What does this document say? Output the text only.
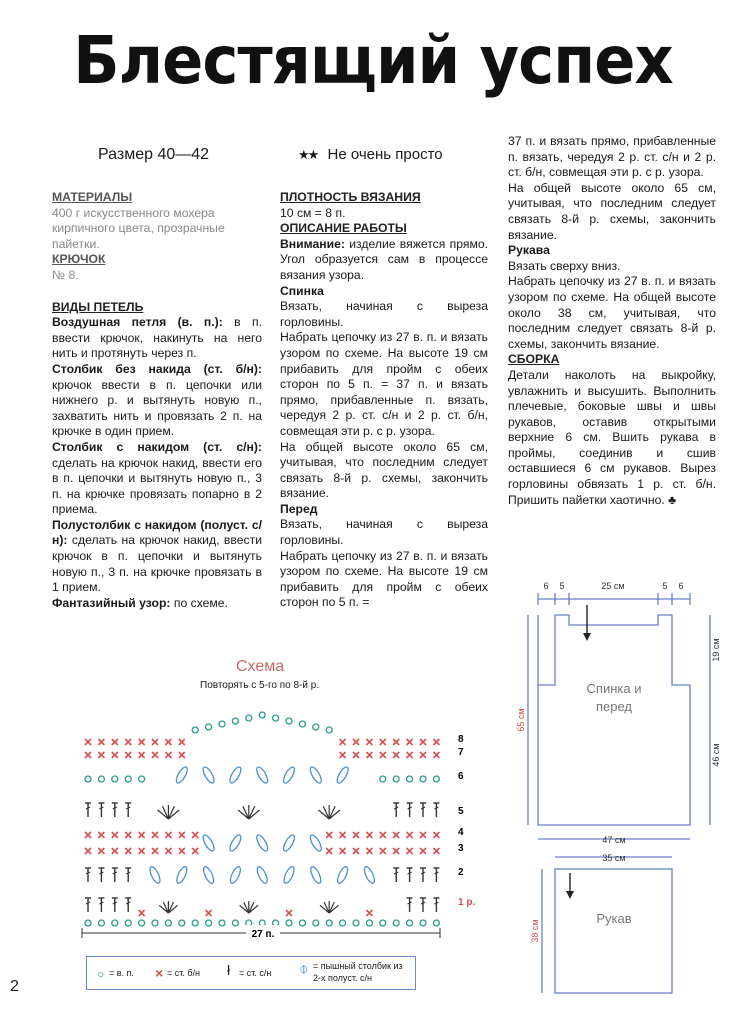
Блестящий успех
Размер 40—42	★★ Не очень просто

МАТЕРИАЛЫ

400 г искусственного мохера кирпичного цвета, прозрачные пайетки.

КРЮЧОК

№ 8.

ВИДЫ ПЕТЕЛЬ

Воздушная петля (в. п.): в п. ввести крючок, накинуть на него нить и протянуть через п.

Столбик без накида (ст. б/н): крючок ввести в п. цепочки или нижнего р. и вытянуть новую п., захватить нить и провязать 2 п. на крючке в один прием.

Столбик с накидом (ст. с/н): сделать на крючок накид, ввести его в п. цепочки и вытянуть новую п., 3 п. на крючке провязать попарно в 2 приема.

Полустолбик с накидом (полуст. с/н): сделать на крючок накид, ввести крючок в п. цепочки и вытянуть новую п., 3 п. на крючке провязать в 1 прием.

Фантазийный узор: по схеме.

ПЛОТНОСТЬ ВЯЗАНИЯ

10 см = 8 п.

ОПИСАНИЕ РАБОТЫ

Внимание: изделие вяжется прямо. Угол образуется сам в процессе вязания узора.

Спинка

Вязать, начиная с выреза горловины.

Набрать цепочку из 27 в. п. и вязать узором по схеме. На высоте 19 см прибавить для пройм с обеих сторон по 5 п. = 37 п. и вязать прямо, прибавленные п. вязать, чередуя 2 р. ст. с/н и 2 р. ст. б/н, совмещая эти р. с р. узора.

На общей высоте около 65 см, учитывая, что последним следует связать 8-й р. схемы, закончить вязание.

Перед

Вязать, начиная с выреза горловины.

Набрать цепочку из 27 в. п. и вязать узором по схеме. На высоте 19 см прибавить для пройм с обеих сторон по 5 п. =

37 п. и вязать прямо, прибавленные п. вязать, чередуя 2 р. ст. с/н и 2 р. ст. б/н, совмещая эти р. с р. узора.

На общей высоте около 65 см, учитывая, что последним следует связать 8-й р. схемы, закончить вязание.

Рукава

Вязать сверху вниз.

Набрать цепочку из 27 в. п. и вязать узором по схеме. На общей высоте около 38 см, учитывая, что последним следует связать 8-й р. схемы, закончить вязание.

СБОРКА

Детали наколоть на выкройку, увлажнить и высушить. Выполнить плечевые, боковые швы и швы рукавов, оставив открытыми верхние 6 см. Вшить рукава в проймы, соединив и сшив оставшиеся 6 см рукавов. Вырез горловины обвязать 1 р. ст. б/н. Пришить пайетки хаотично. ♣

Схема
Повторять с 5-го по 8-й р.
8
7
6
5
4
3
2
1 р.
27 п.
○ = в. п. × = ст. б/н ł = ст. с/н ⌽ = пышный столбик из 2-х полуст. с/н
6 5	25 см	5 6
65 см
19 см
46 см
47 см
35 см
38 см
Спинка и
перед
Рукав
2
